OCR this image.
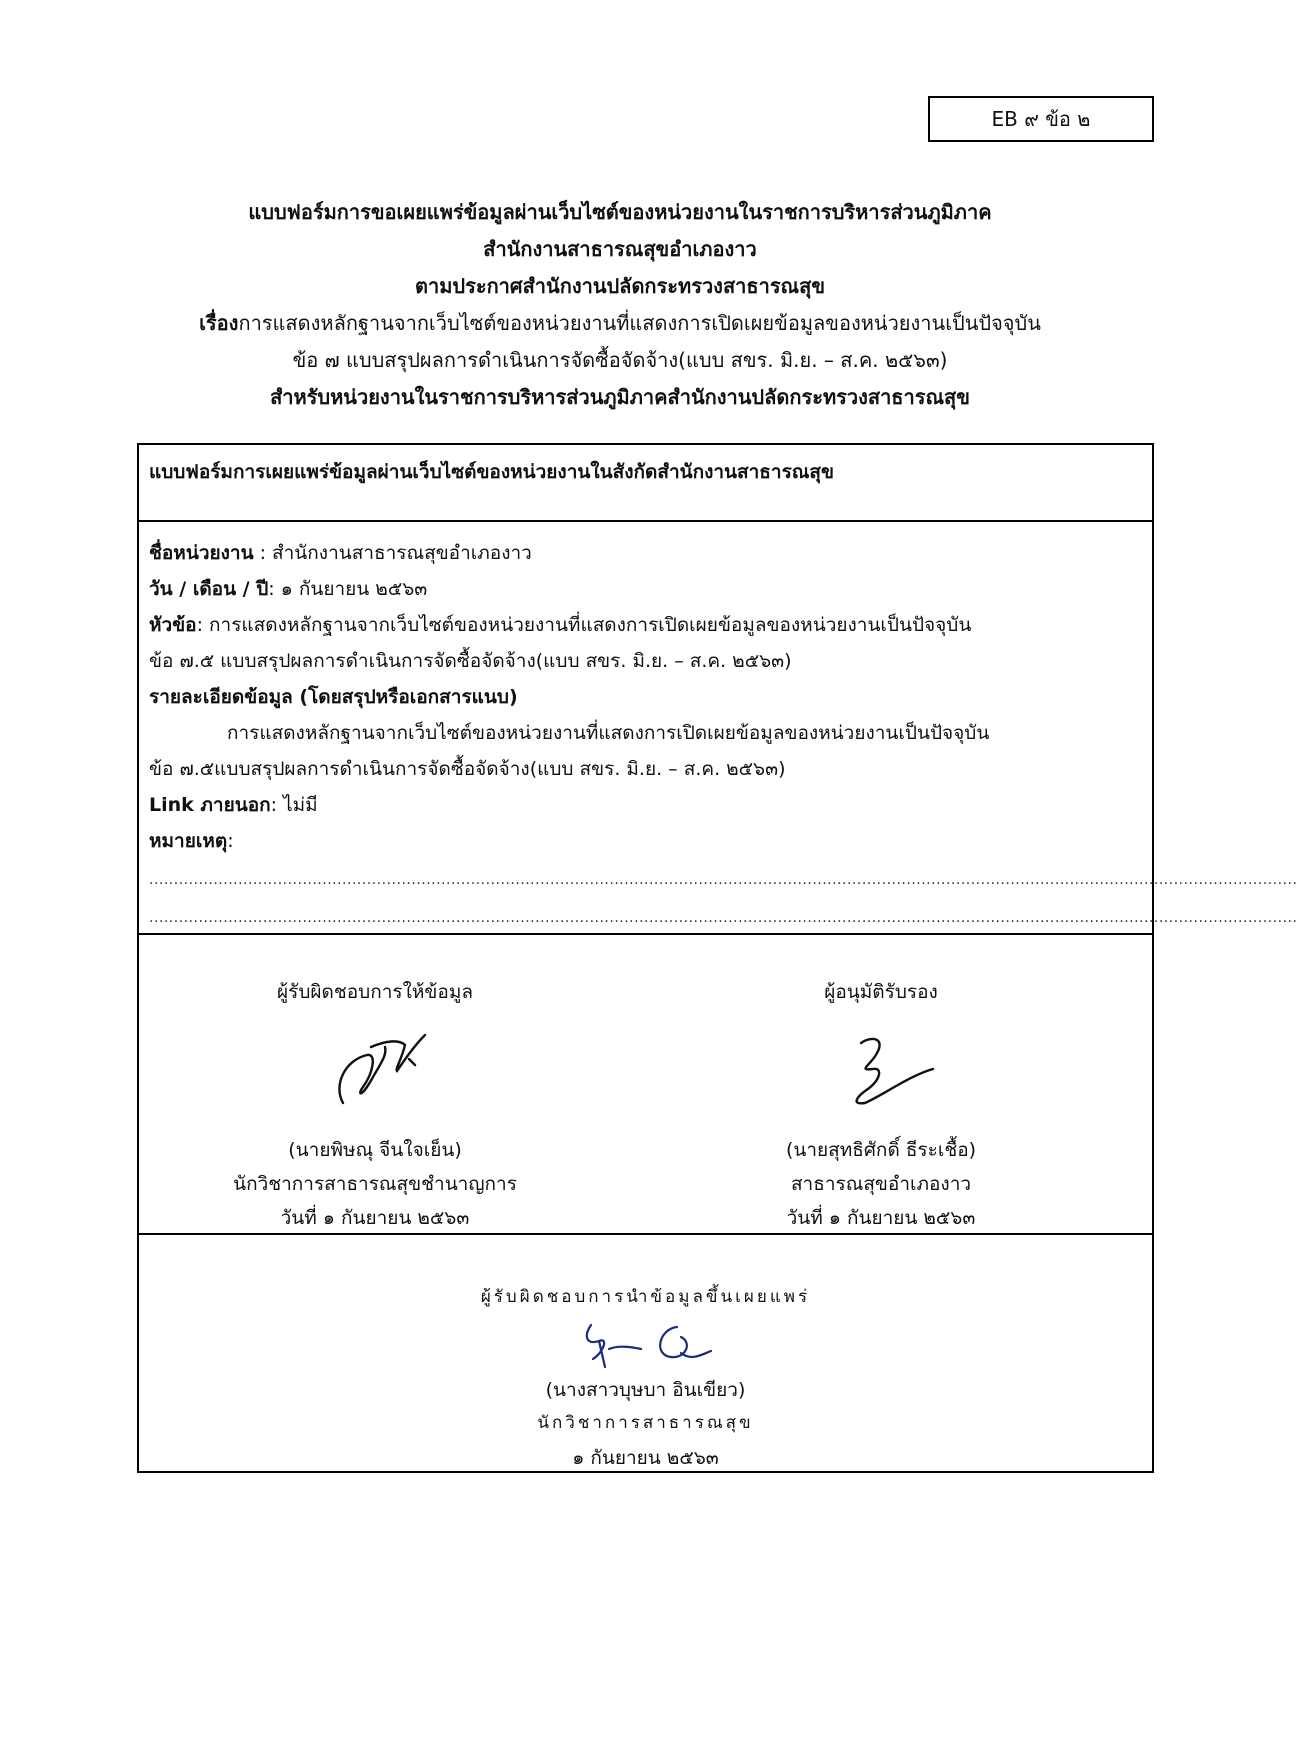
EB ๙ ข้อ ๒
แบบฟอร์มการขอเผยแพร่ข้อมูลผ่านเว็บไซต์ของหน่วยงานในราชการบริหารส่วนภูมิภาค
สำนักงานสาธารณสุขอำเภองาว
ตามประกาศสำนักงานปลัดกระทรวงสาธารณสุข
เรื่องการแสดงหลักฐานจากเว็บไซต์ของหน่วยงานที่แสดงการเปิดเผยข้อมูลของหน่วยงานเป็นปัจจุบัน
ข้อ ๗ แบบสรุปผลการดำเนินการจัดซื้อจัดจ้าง(แบบ สขร. มิ.ย. – ส.ค. ๒๕๖๓)
สำหรับหน่วยงานในราชการบริหารส่วนภูมิภาคสำนักงานปลัดกระทรวงสาธารณสุข
แบบฟอร์มการเผยแพร่ข้อมูลผ่านเว็บไซต์ของหน่วยงานในสังกัดสำนักงานสาธารณสุข
ชื่อหน่วยงาน : สำนักงานสาธารณสุขอำเภองาว
วัน / เดือน / ปี: ๑ กันยายน ๒๕๖๓
หัวข้อ: การแสดงหลักฐานจากเว็บไซต์ของหน่วยงานที่แสดงการเปิดเผยข้อมูลของหน่วยงานเป็นปัจจุบัน
ข้อ ๗.๕ แบบสรุปผลการดำเนินการจัดซื้อจัดจ้าง(แบบ สขร. มิ.ย. – ส.ค. ๒๕๖๓)
รายละเอียดข้อมูล (โดยสรุปหรือเอกสารแนบ)
การแสดงหลักฐานจากเว็บไซต์ของหน่วยงานที่แสดงการเปิดเผยข้อมูลของหน่วยงานเป็นปัจจุบัน
ข้อ ๗.๕แบบสรุปผลการดำเนินการจัดซื้อจัดจ้าง(แบบ สขร. มิ.ย. – ส.ค. ๒๕๖๓)
Link ภายนอก: ไม่มี
หมายเหตุ:
........................................................................................................................................................................................................................................
........................................................................................................................................................................................................................................
ผู้รับผิดชอบการให้ข้อมูล
(นายพิษณุ จีนใจเย็น)
นักวิชาการสาธารณสุขชำนาญการ
วันที่ ๑ กันยายน ๒๕๖๓
ผู้อนุมัติรับรอง
(นายสุทธิศักดิ์ ธีระเชื้อ)
สาธารณสุขอำเภองาว
วันที่ ๑ กันยายน ๒๕๖๓
ผู้รับผิดชอบการนำข้อมูลขึ้นเผยแพร่
(นางสาวบุษบา อินเขียว)
นักวิชาการสาธารณสุข
๑ กันยายน ๒๕๖๓
